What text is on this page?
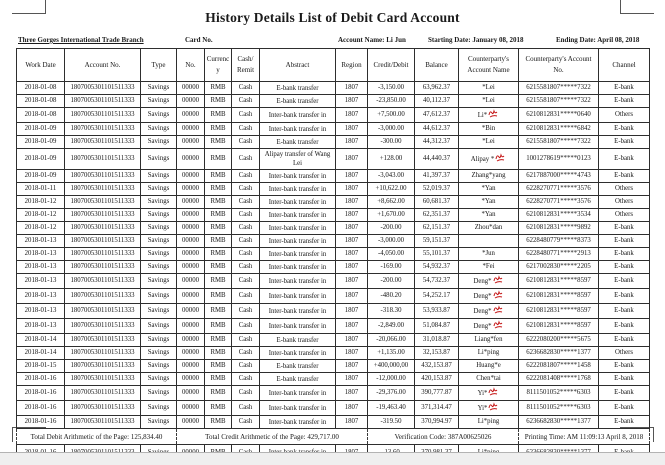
History Details List of Debit Card Account
Three Gorges International Trade Branch	Card No.	Account Name: Li Jun	Starting Date: January 08, 2018	Ending Date: April 08, 2018
Work Date	Account No.	Type	No.	Currency	Cash/ Remit	Abstract	Region	Credit/Debit	Balance	Counterparty's Account Name	Counterparty's Account No.	Channel
2018-01-08	1807005301101511333	Savings	00000	RMB	Cash	E-bank transfer	1807	-3,150.00	63,962.37	*Lei	6215581807*****7322	E-bank
2018-01-08	1807005301101511333	Savings	00000	RMB	Cash	E-bank transfer	1807	-23,850.00	40,112.37	*Lei	6215581807*****7322	E-bank
2018-01-08	1807005301101511333	Savings	00000	RMB	Cash	Inter-bank transfer in	1807	+7,500.00	47,612.37	Li*	6210812831*****0640	Others
2018-01-09	1807005301101511333	Savings	00000	RMB	Cash	Inter-bank transfer in	1807	-3,000.00	44,612.37	*Bin	6210812831*****6842	E-bank
2018-01-09	1807005301101511333	Savings	00000	RMB	Cash	E-bank transfer	1807	-300.00	44,312.37	*Lei	6215581807*****7322	E-bank
2018-01-09	1807005301101511333	Savings	00000	RMB	Cash	Alipay transfer of Wang Lei	1807	+128.00	44,440.37	Alipay *	1001278619*****0123	E-bank
2018-01-09	1807005301101511333	Savings	00000	RMB	Cash	Inter-bank transfer in	1807	-3,043.00	41,397.37	Zhang*yang	6217887000*****4743	E-bank
2018-01-11	1807005301101511333	Savings	00000	RMB	Cash	Inter-bank transfer in	1807	+10,622.00	52,019.37	*Yan	6228270771*****3576	Others
2018-01-12	1807005301101511333	Savings	00000	RMB	Cash	Inter-bank transfer in	1807	+8,662.00	60,681.37	*Yan	6228270771*****3576	Others
2018-01-12	1807005301101511333	Savings	00000	RMB	Cash	Inter-bank transfer in	1807	+1,670.00	62,351.37	*Yan	6210812831*****3534	Others
2018-01-12	1807005301101511333	Savings	00000	RMB	Cash	Inter-bank transfer in	1807	-200.00	62,151.37	Zhou*dan	6210812831*****9892	E-bank
2018-01-13	1807005301101511333	Savings	00000	RMB	Cash	Inter-bank transfer in	1807	-3,000.00	59,151.37		6228480779*****8373	E-bank
2018-01-13	1807005301101511333	Savings	00000	RMB	Cash	Inter-bank transfer in	1807	-4,050.00	55,101.37	*Jun	6228480771*****2913	E-bank
2018-01-13	1807005301101511333	Savings	00000	RMB	Cash	Inter-bank transfer in	1807	-169.00	54,932.37	*Fei	6217002830*****2205	E-bank
2018-01-13	1807005301101511333	Savings	00000	RMB	Cash	Inter-bank transfer in	1807	-200.00	54,732.37	Deng*	6210812831*****8597	E-bank
2018-01-13	1807005301101511333	Savings	00000	RMB	Cash	Inter-bank transfer in	1807	-480.20	54,252.17	Deng*	6210812831*****8597	E-bank
2018-01-13	1807005301101511333	Savings	00000	RMB	Cash	Inter-bank transfer in	1807	-318.30	53,933.87	Deng*	6210812831*****8597	E-bank
2018-01-13	1807005301101511333	Savings	00000	RMB	Cash	Inter-bank transfer in	1807	-2,849.00	51,084.87	Deng*	6210812831*****8597	E-bank
2018-01-14	1807005301101511333	Savings	00000	RMB	Cash	E-bank transfer	1807	-20,066.00	31,018.87	Liang*fen	6222080200*****5675	E-bank
2018-01-14	1807005301101511333	Savings	00000	RMB	Cash	Inter-bank transfer in	1807	+1,135.00	32,153.87	Li*ping	6236682830*****1377	Others
2018-01-15	1807005301101511333	Savings	00000	RMB	Cash	E-bank transfer	1807	+400,000,00	432,153.87	Huang*e	6222081807*****1458	E-bank
2018-01-16	1807005301101511333	Savings	00000	RMB	Cash	E-bank transfer	1807	-12,000.00	420,153.87	Chen*tai	6222081408*****1768	E-bank
2018-01-16	1807005301101511333	Savings	00000	RMB	Cash	Inter-bank transfer in	1807	-29,376.00	390,777.87	Yi*	8111501052*****6303	E-bank
2018-01-16	1807005301101511333	Savings	00000	RMB	Cash	Inter-bank transfer in	1807	-19,463.40	371,314.47	Yi*	8111501052*****6303	E-bank
2018-01-16	1807005301101511333	Savings	00000	RMB	Cash	Inter-bank transfer in	1807	-319.50	370,994.97	Li*ping	6236682830*****1377	E-bank
Total Debit Arithmetic of the Page: 125,834.40			Total Credit Arithmetic of the Page: 429,717.00					Verification Code: 387A00625026			Printing Time: AM 11:09:13 April 8, 2018	
